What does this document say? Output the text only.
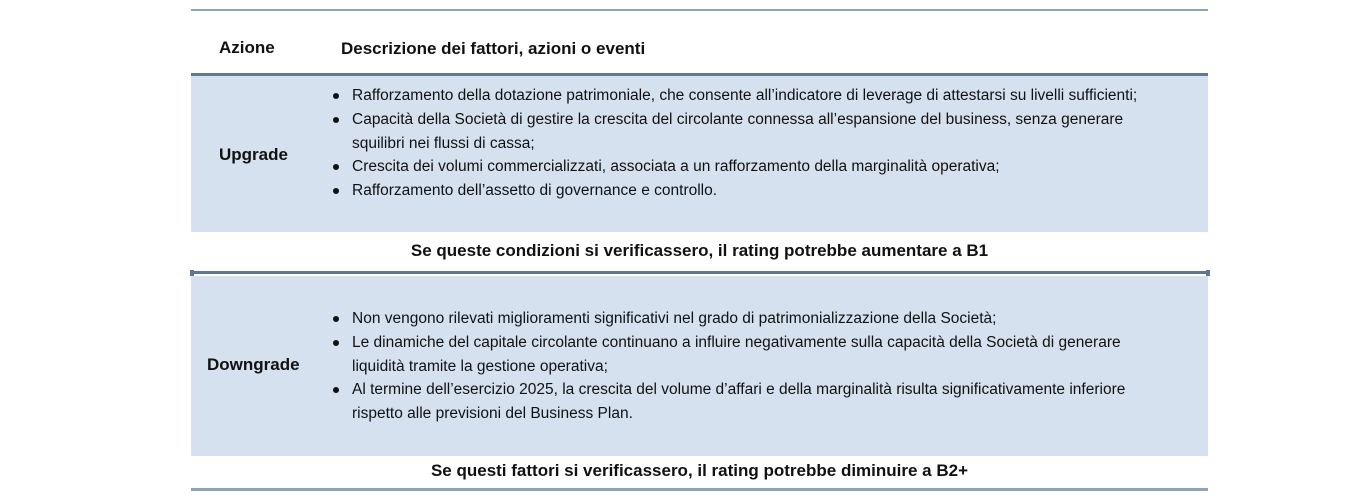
Azione	Descrizione dei fattori, azioni o eventi
Upgrade
Rafforzamento della dotazione patrimoniale, che consente all’indicatore di leverage di attestarsi su livelli sufficienti;
Capacità della Società di gestire la crescita del circolante connessa all’espansione del business, senza generare squilibri nei flussi di cassa;
Crescita dei volumi commercializzati, associata a un rafforzamento della marginalità operativa;
Rafforzamento dell’assetto di governance e controllo.
Se queste condizioni si verificassero, il rating potrebbe aumentare a B1
Downgrade
Non vengono rilevati miglioramenti significativi nel grado di patrimonializzazione della Società;
Le dinamiche del capitale circolante continuano a influire negativamente sulla capacità della Società di generare liquidità tramite la gestione operativa;
Al termine dell’esercizio 2025, la crescita del volume d’affari e della marginalità risulta significativamente inferiore rispetto alle previsioni del Business Plan.
Se questi fattori si verificassero, il rating potrebbe diminuire a B2+
